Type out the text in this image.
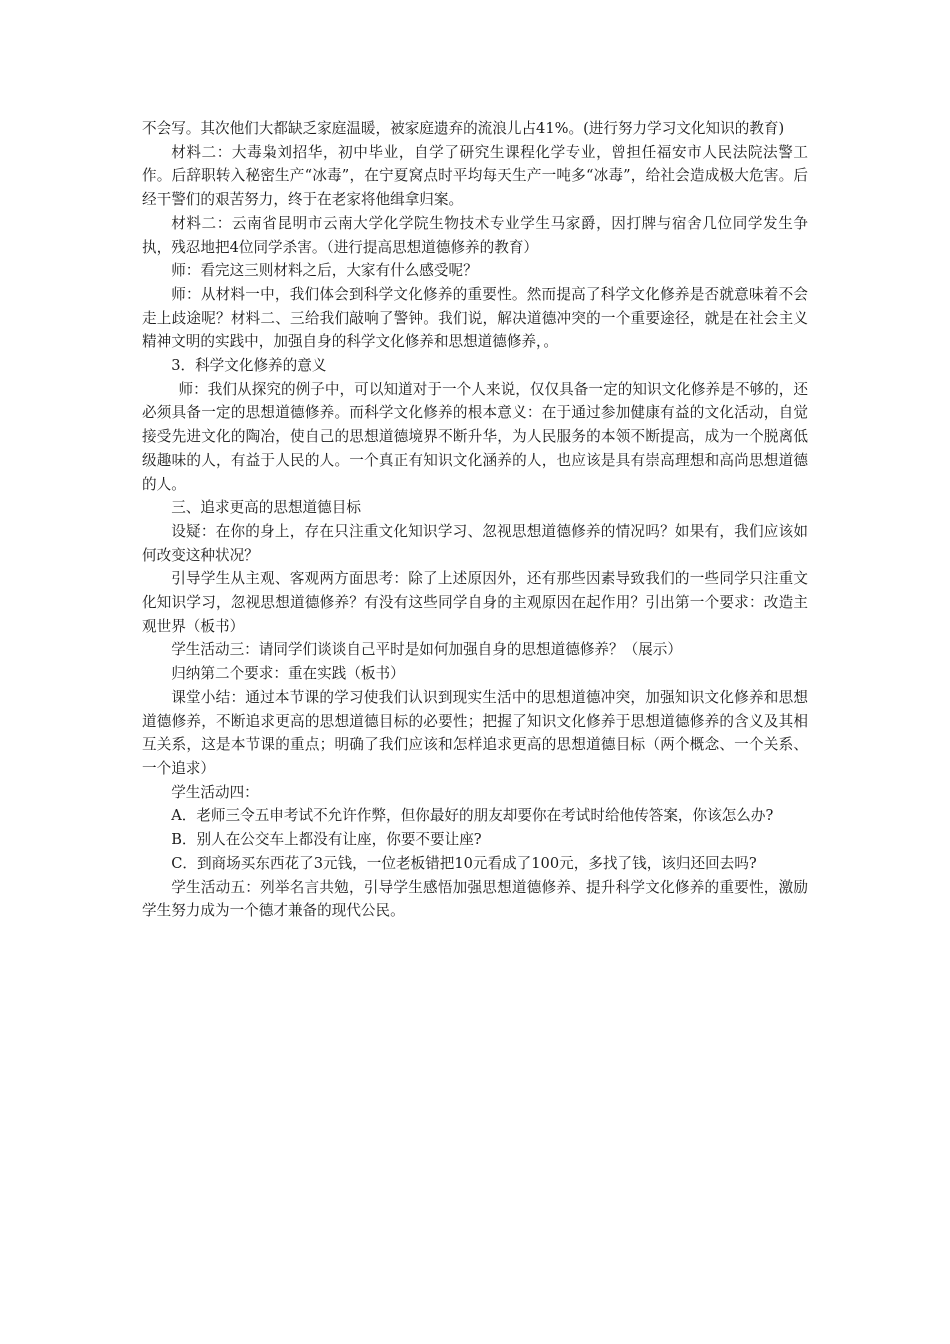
不会写。其次他们大都缺乏家庭温暖，被家庭遗弃的流浪儿占41%。(进行努力学习文化知识的教育)

材料二：大毒枭刘招华，初中毕业，自学了研究生课程化学专业，曾担任福安市人民法院法警工作。后辞职转入秘密生产“冰毒”，在宁夏窝点时平均每天生产一吨多“冰毒”，给社会造成极大危害。后经干警们的艰苦努力，终于在老家将他缉拿归案。

材料二：云南省昆明市云南大学化学院生物技术专业学生马家爵，因打牌与宿舍几位同学发生争执，残忍地把4位同学杀害。（进行提高思想道德修养的教育）

师：看完这三则材料之后，大家有什么感受呢？

师：从材料一中，我们体会到科学文化修养的重要性。然而提高了科学文化修养是否就意味着不会走上歧途呢？材料二、三给我们敲响了警钟。我们说，解决道德冲突的一个重要途径，就是在社会主义精神文明的实践中，加强自身的科学文化修养和思想道德修养，。

3．科学文化修养的意义

师：我们从探究的例子中，可以知道对于一个人来说，仅仅具备一定的知识文化修养是不够的，还必须具备一定的思想道德修养。而科学文化修养的根本意义：在于通过参加健康有益的文化活动，自觉接受先进文化的陶冶，使自己的思想道德境界不断升华，为人民服务的本领不断提高，成为一个脱离低级趣味的人，有益于人民的人。一个真正有知识文化涵养的人，也应该是具有崇高理想和高尚思想道德的人。

三、追求更高的思想道德目标

设疑：在你的身上，存在只注重文化知识学习、忽视思想道德修养的情况吗？如果有，我们应该如何改变这种状况？

引导学生从主观、客观两方面思考：除了上述原因外，还有那些因素导致我们的一些同学只注重文化知识学习，忽视思想道德修养？有没有这些同学自身的主观原因在起作用？引出第一个要求：改造主观世界（板书）

学生活动三：请同学们谈谈自己平时是如何加强自身的思想道德修养？（展示）

归纳第二个要求：重在实践（板书）

课堂小结：通过本节课的学习使我们认识到现实生活中的思想道德冲突，加强知识文化修养和思想道德修养，不断追求更高的思想道德目标的必要性；把握了知识文化修养于思想道德修养的含义及其相互关系，这是本节课的重点；明确了我们应该和怎样追求更高的思想道德目标（两个概念、一个关系、一个追求）

学生活动四：

A．老师三令五申考试不允许作弊，但你最好的朋友却要你在考试时给他传答案，你该怎么办?

B．别人在公交车上都没有让座，你要不要让座?

C．到商场买东西花了3元钱，一位老板错把10元看成了100元，多找了钱，该归还回去吗?

学生活动五：列举名言共勉，引导学生感悟加强思想道德修养、提升科学文化修养的重要性，激励学生努力成为一个德才兼备的现代公民。
